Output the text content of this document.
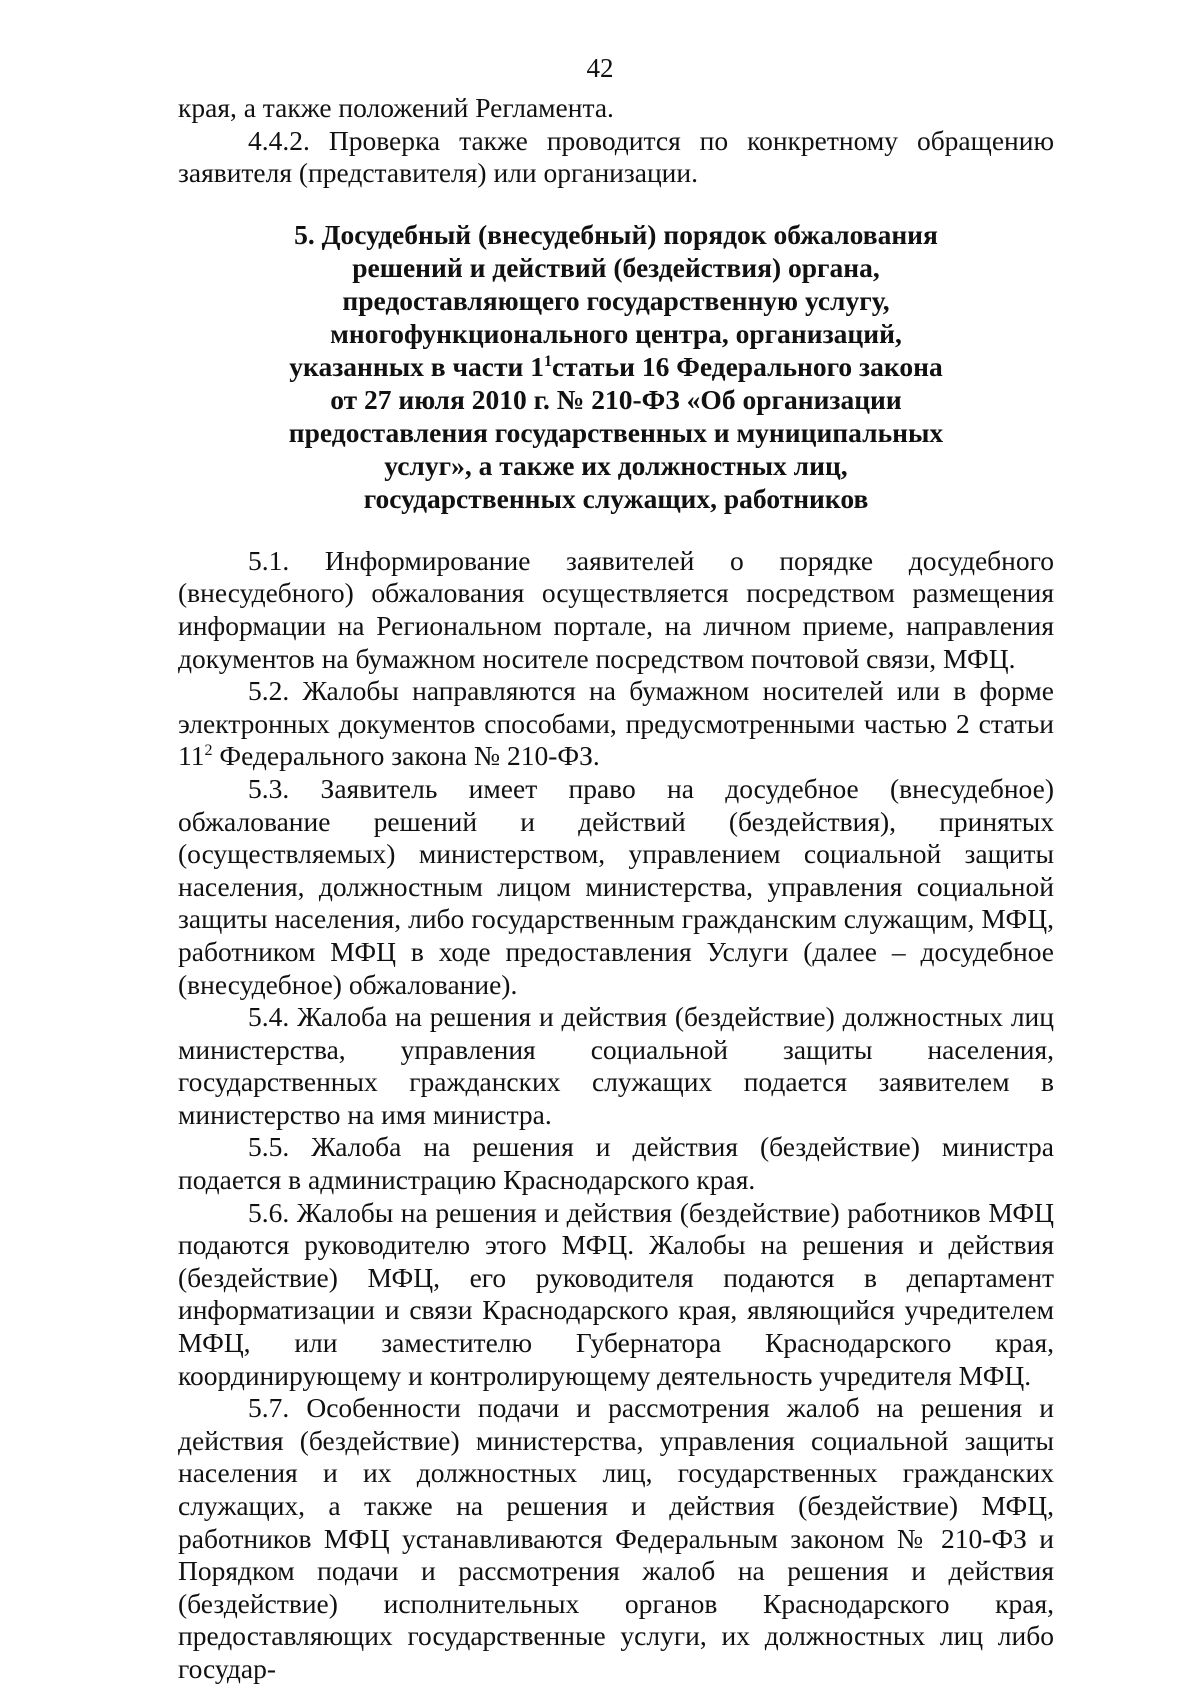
42

края, а также положений Регламента.

4.4.2. Проверка также проводится по конкретному обращению заявителя (представителя) или организации.

5. Досудебный (внесудебный) порядок обжалования
решений и действий (бездействия) органа,
предоставляющего государственную услугу,
многофункционального центра, организаций,
указанных в части $1^1статьи$ 16 Федерального закона
от 27 июля 2010 г. № 210-ФЗ «Об организации
предоставления государственных и муниципальных
услуг», а также их должностных лиц,
государственных служащих, работников

5.1. Информирование заявителей о порядке досудебного (внесудебного) обжалования осуществляется посредством размещения информации на Региональном портале, на личном приеме, направления документов на бумажном носителе посредством почтовой связи, МФЦ.

5.2. Жалобы направляются на бумажном носителей или в форме электронных документов способами, предусмотренными частью 2 статьи $11^2$ Федерального закона № 210-ФЗ.

5.3. Заявитель имеет право на досудебное (внесудебное) обжалование решений и действий (бездействия), принятых (осуществляемых) министерством, управлением социальной защиты населения, должностным лицом министерства, управления социальной защиты населения, либо государственным гражданским служащим, МФЦ, работником МФЦ в ходе предоставления Услуги (далее – досудебное (внесудебное) обжалование).

5.4. Жалоба на решения и действия (бездействие) должностных лиц министерства, управления социальной защиты населения, государственных гражданских служащих подается заявителем в министерство на имя министра.

5.5. Жалоба на решения и действия (бездействие) министра подается в администрацию Краснодарского края.

5.6. Жалобы на решения и действия (бездействие) работников МФЦ подаются руководителю этого МФЦ. Жалобы на решения и действия (бездействие) МФЦ, его руководителя подаются в департамент информатизации и связи Краснодарского края, являющийся учредителем МФЦ, или заместителю Губернатора Краснодарского края, координирующему и контролирующему деятельность учредителя МФЦ.

5.7. Особенности подачи и рассмотрения жалоб на решения и действия (бездействие) министерства, управления социальной защиты населения и их должностных лиц, государственных гражданских служащих, а также на решения и действия (бездействие) МФЦ, работников МФЦ устанавливаются Федеральным законом № 210-ФЗ и Порядком подачи и рассмотрения жалоб на решения и действия (бездействие) исполнительных органов Краснодарского края, предоставляющих государственные услуги, их должностных лиц либо государ-
